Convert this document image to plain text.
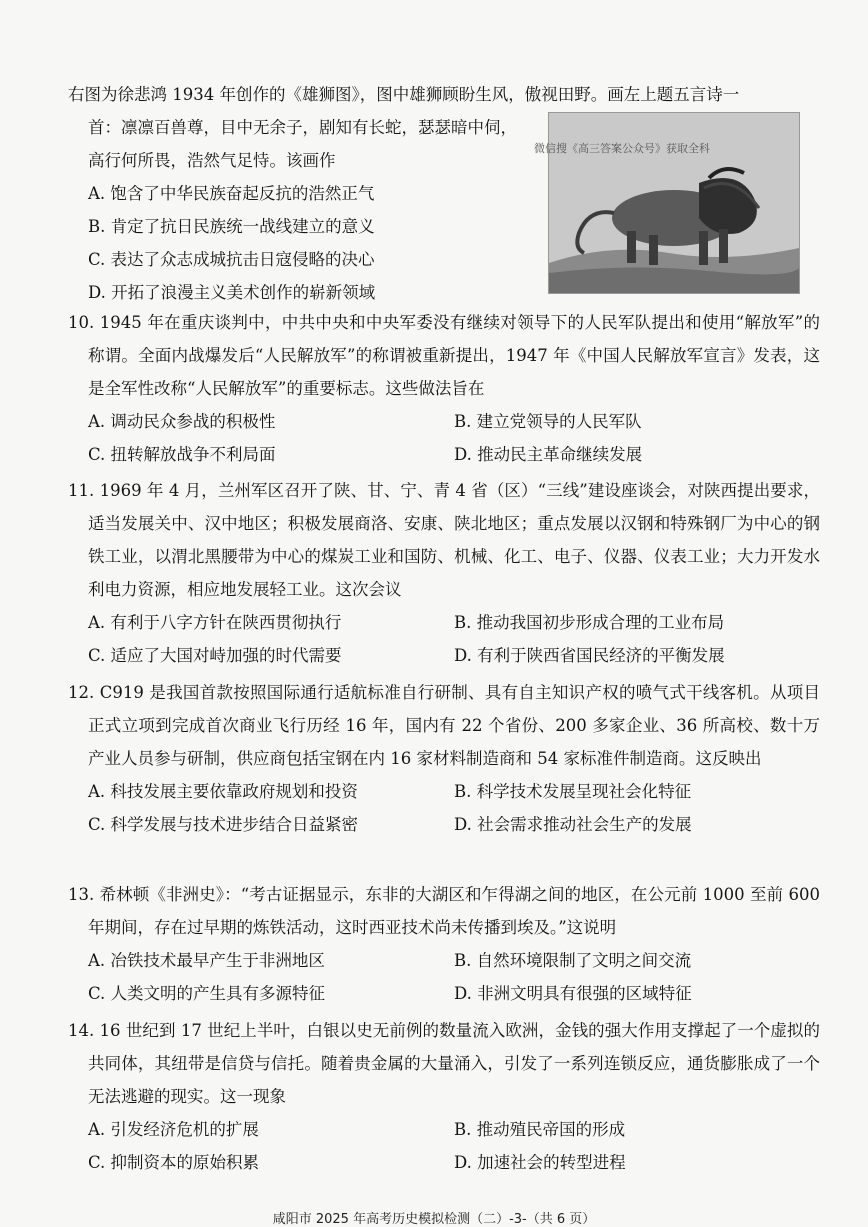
右图为徐悲鸿 1934 年创作的《雄狮图》，图中雄狮顾盼生风，傲视田野。画左上题五言诗一
首：凛凛百兽尊，目中无余子，剧知有长蛇，瑟瑟暗中伺，
高行何所畏，浩然气足恃。该画作
A. 饱含了中华民族奋起反抗的浩然正气
B. 肯定了抗日民族统一战线建立的意义
C. 表达了众志成城抗击日寇侵略的决心
D. 开拓了浪漫主义美术创作的崭新领域
微信搜《高三答案公众号》获取全科
10. 1945 年在重庆谈判中，中共中央和中央军委没有继续对领导下的人民军队提出和使用“解放军”的称谓。全面内战爆发后“人民解放军”的称谓被重新提出，1947 年《中国人民解放军宣言》发表，这是全军性改称“人民解放军”的重要标志。这些做法旨在
A. 调动民众参战的积极性	B. 建立党领导的人民军队
C. 扭转解放战争不利局面	D. 推动民主革命继续发展
11. 1969 年 4 月，兰州军区召开了陕、甘、宁、青 4 省（区）“三线”建设座谈会，对陕西提出要求，适当发展关中、汉中地区；积极发展商洛、安康、陕北地区；重点发展以汉钢和特殊钢厂为中心的钢铁工业，以渭北黑腰带为中心的煤炭工业和国防、机械、化工、电子、仪器、仪表工业；大力开发水利电力资源，相应地发展轻工业。这次会议
A. 有利于八字方针在陕西贯彻执行	B. 推动我国初步形成合理的工业布局
C. 适应了大国对峙加强的时代需要	D. 有利于陕西省国民经济的平衡发展
12. C919 是我国首款按照国际通行适航标准自行研制、具有自主知识产权的喷气式干线客机。从项目正式立项到完成首次商业飞行历经 16 年，国内有 22 个省份、200 多家企业、36 所高校、数十万产业人员参与研制，供应商包括宝钢在内 16 家材料制造商和 54 家标准件制造商。这反映出
A. 科技发展主要依靠政府规划和投资	B. 科学技术发展呈现社会化特征
C. 科学发展与技术进步结合日益紧密	D. 社会需求推动社会生产的发展
13. 希林顿《非洲史》：“考古证据显示，东非的大湖区和乍得湖之间的地区，在公元前 1000 至前 600 年期间，存在过早期的炼铁活动，这时西亚技术尚未传播到埃及。”这说明
A. 冶铁技术最早产生于非洲地区	B. 自然环境限制了文明之间交流
C. 人类文明的产生具有多源特征	D. 非洲文明具有很强的区域特征
14. 16 世纪到 17 世纪上半叶，白银以史无前例的数量流入欧洲，金钱的强大作用支撑起了一个虚拟的共同体，其纽带是信贷与信托。随着贵金属的大量涌入，引发了一系列连锁反应，通货膨胀成了一个无法逃避的现实。这一现象
A. 引发经济危机的扩展	B. 推动殖民帝国的形成
C. 抑制资本的原始积累	D. 加速社会的转型进程
咸阳市 2025 年高考历史模拟检测（二）-3-（共 6 页）
